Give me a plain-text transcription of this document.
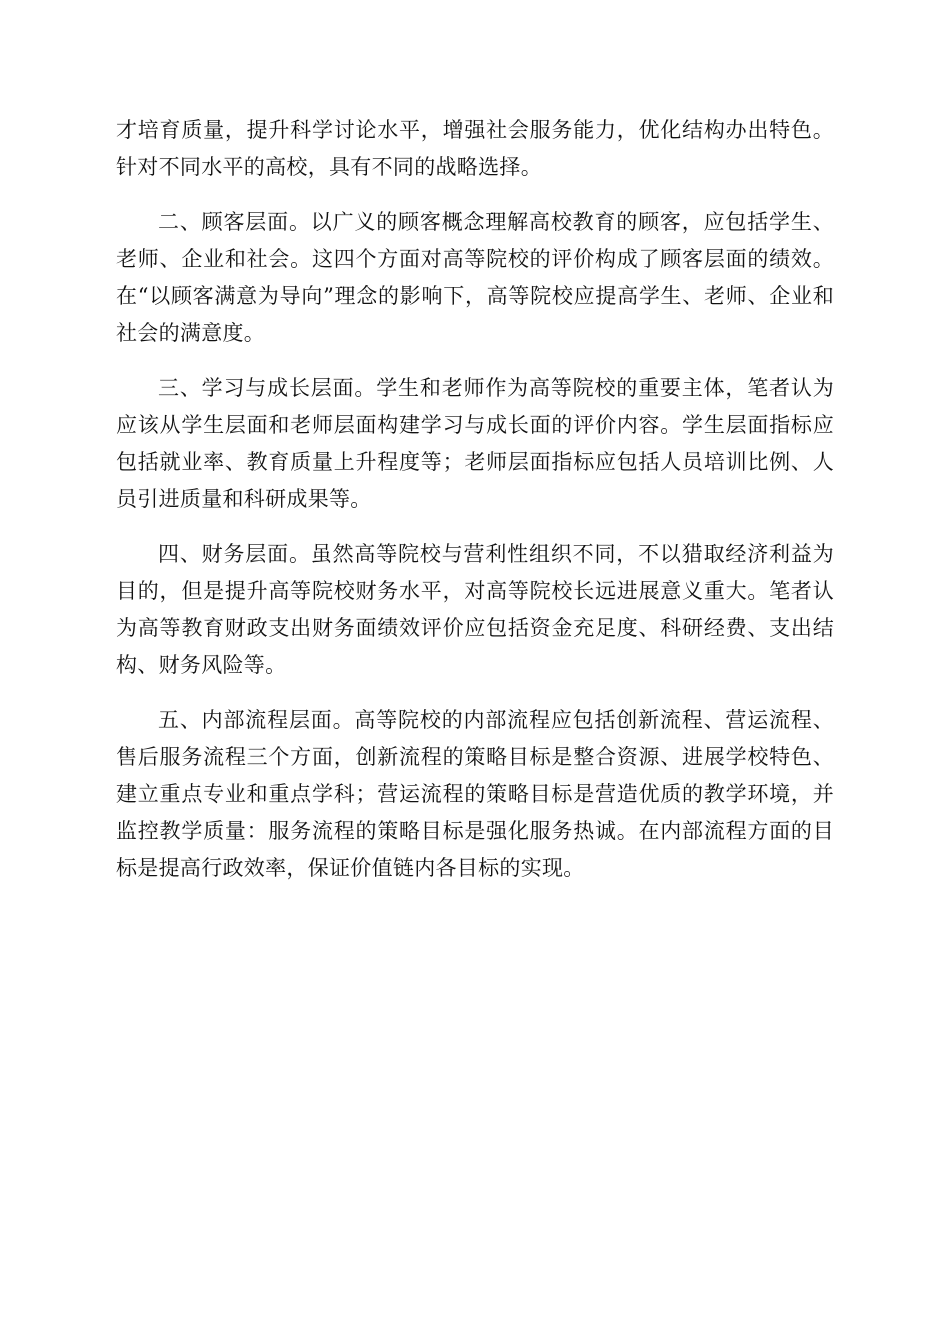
才培育质量，提升科学讨论水平，增强社会服务能力，优化结构办出特色。针对不同水平的高校，具有不同的战略选择。

二、顾客层面。以广义的顾客概念理解高校教育的顾客，应包括学生、老师、企业和社会。这四个方面对高等院校的评价构成了顾客层面的绩效。在“以顾客满意为导向”理念的影响下，高等院校应提高学生、老师、企业和社会的满意度。

三、学习与成长层面。学生和老师作为高等院校的重要主体，笔者认为应该从学生层面和老师层面构建学习与成长面的评价内容。学生层面指标应包括就业率、教育质量上升程度等；老师层面指标应包括人员培训比例、人员引进质量和科研成果等。

四、财务层面。虽然高等院校与营利性组织不同，不以猎取经济利益为目的，但是提升高等院校财务水平，对高等院校长远进展意义重大。笔者认为高等教育财政支出财务面绩效评价应包括资金充足度、科研经费、支出结构、财务风险等。

五、内部流程层面。高等院校的内部流程应包括创新流程、营运流程、售后服务流程三个方面，创新流程的策略目标是整合资源、进展学校特色、建立重点专业和重点学科；营运流程的策略目标是营造优质的教学环境，并监控教学质量：服务流程的策略目标是强化服务热诚。在内部流程方面的目标是提高行政效率，保证价值链内各目标的实现。
